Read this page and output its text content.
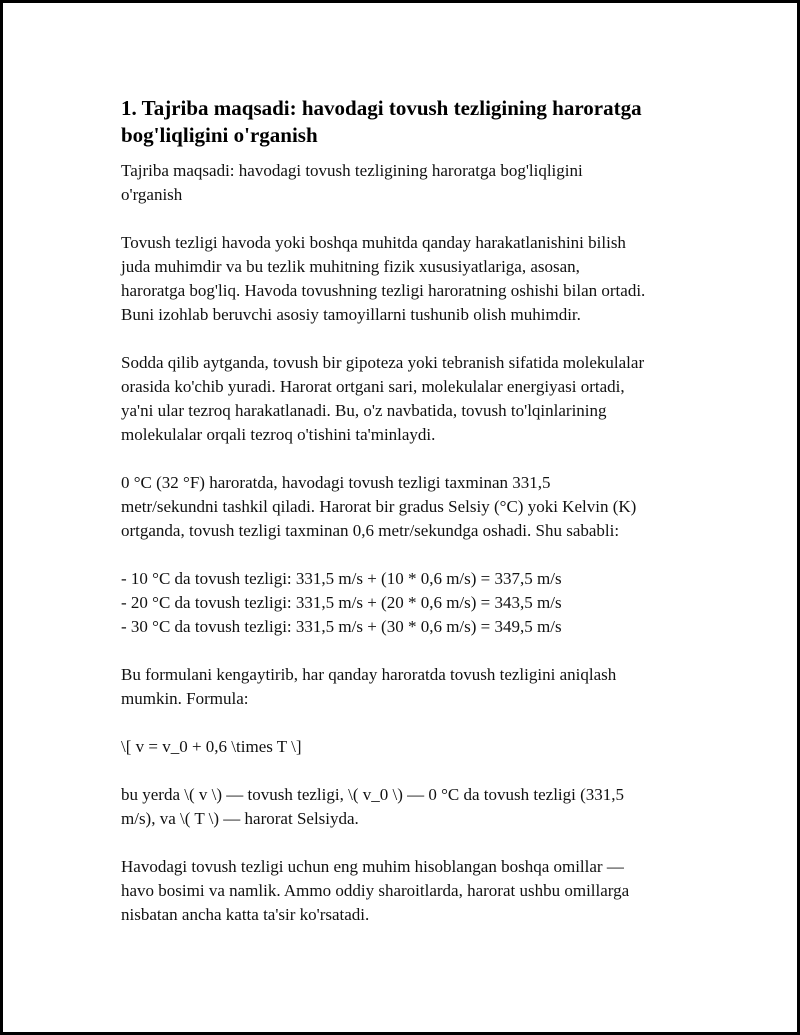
1. Tajriba maqsadi: havodagi tovush tezligining haroratga
bog'liqligini o'rganish

Tajriba maqsadi: havodagi tovush tezligining haroratga bog'liqligini
o'rganish

Tovush tezligi havoda yoki boshqa muhitda qanday harakatlanishini bilish
juda muhimdir va bu tezlik muhitning fizik xususiyatlariga, asosan,
haroratga bog'liq. Havoda tovushning tezligi haroratning oshishi bilan ortadi.
Buni izohlab beruvchi asosiy tamoyillarni tushunib olish muhimdir.

Sodda qilib aytganda, tovush bir gipoteza yoki tebranish sifatida molekulalar
orasida ko'chib yuradi. Harorat ortgani sari, molekulalar energiyasi ortadi,
ya'ni ular tezroq harakatlanadi. Bu, o'z navbatida, tovush to'lqinlarining
molekulalar orqali tezroq o'tishini ta'minlaydi.

0 °C (32 °F) haroratda, havodagi tovush tezligi taxminan 331,5
metr/sekundni tashkil qiladi. Harorat bir gradus Selsiy (°C) yoki Kelvin (K)
ortganda, tovush tezligi taxminan 0,6 metr/sekundga oshadi. Shu sababli:

- 10 °C da tovush tezligi: 331,5 m/s + (10 * 0,6 m/s) = 337,5 m/s
- 20 °C da tovush tezligi: 331,5 m/s + (20 * 0,6 m/s) = 343,5 m/s
- 30 °C da tovush tezligi: 331,5 m/s + (30 * 0,6 m/s) = 349,5 m/s

Bu formulani kengaytirib, har qanday haroratda tovush tezligini aniqlash
mumkin. Formula:

\[ v = v_0 + 0,6 \times T \]

bu yerda \( v \) — tovush tezligi, \( v_0 \) — 0 °C da tovush tezligi (331,5
m/s), va \( T \) — harorat Selsiyda.

Havodagi tovush tezligi uchun eng muhim hisoblangan boshqa omillar —
havo bosimi va namlik. Ammo oddiy sharoitlarda, harorat ushbu omillarga
nisbatan ancha katta ta'sir ko'rsatadi.
